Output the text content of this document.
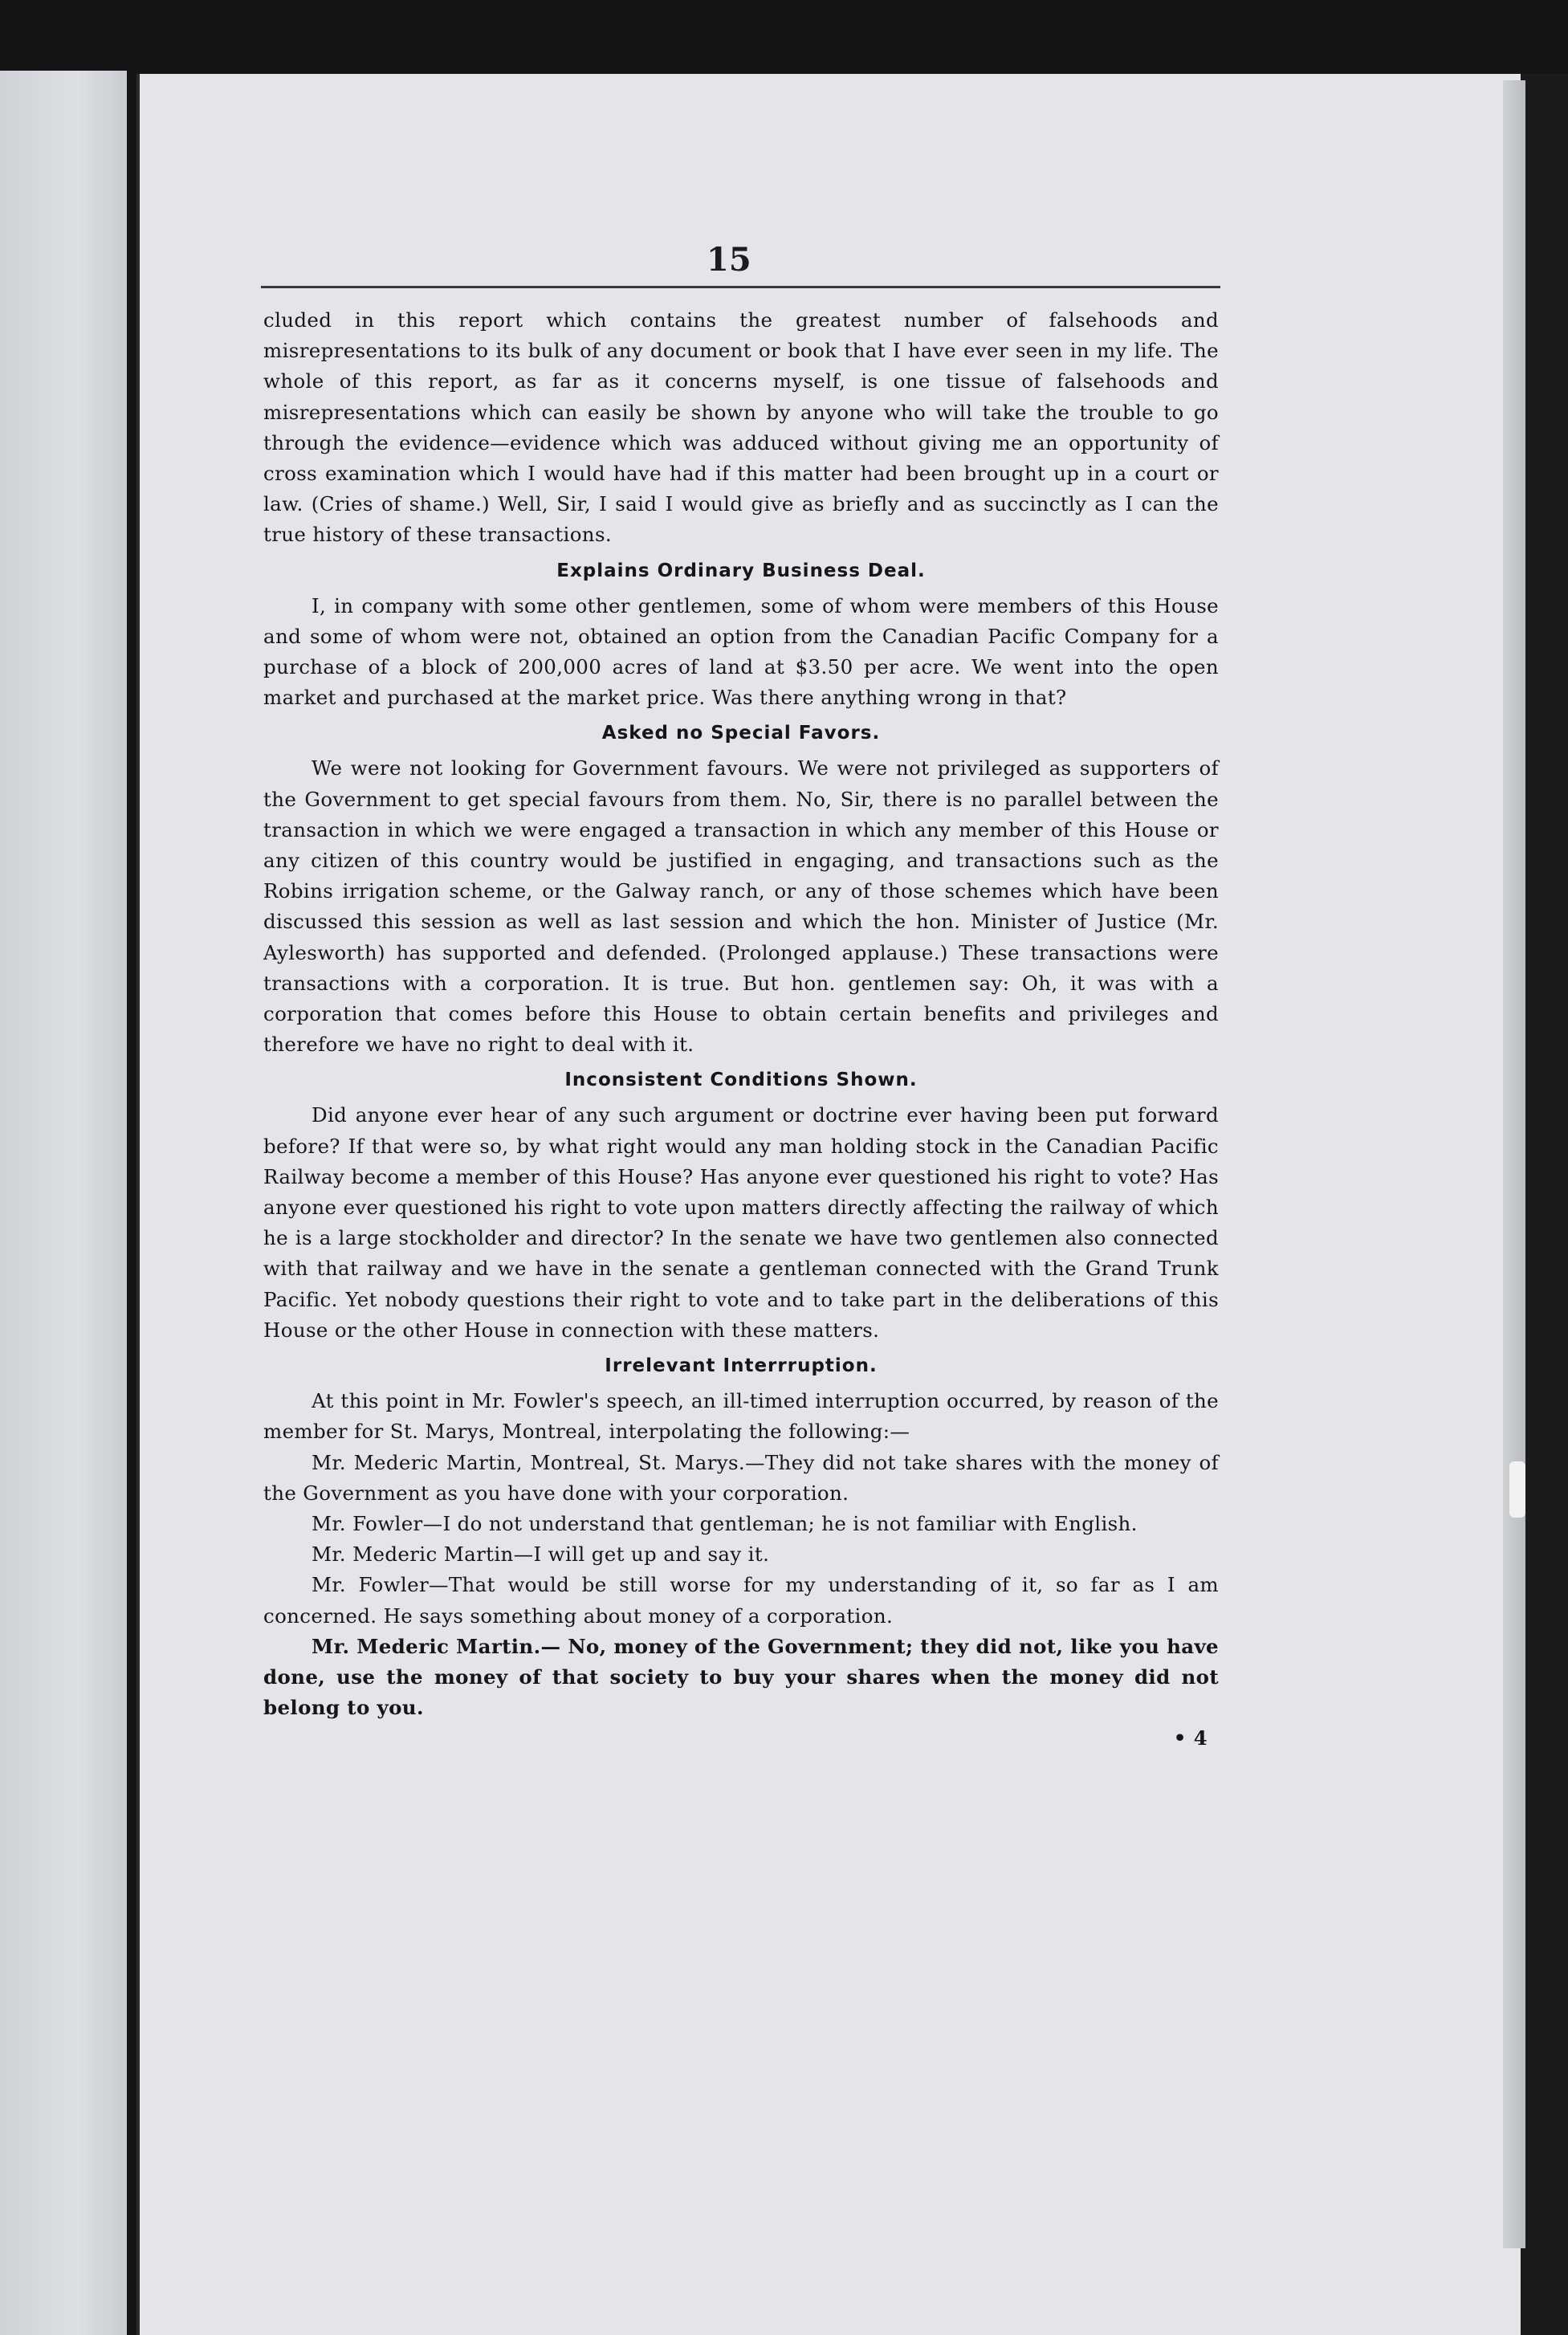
15

cluded in this report which contains the greatest number of falsehoods and misrepresentations to its bulk of any document or book that I have ever seen in my life. The whole of this report, as far as it concerns myself, is one tissue of falsehoods and misrepresentations which can easily be shown by anyone who will take the trouble to go through the evidence—evidence which was adduced without giving me an opportunity of cross examination which I would have had if this matter had been brought up in a court or law. (Cries of shame.) Well, Sir, I said I would give as briefly and as succinctly as I can the true history of these transactions.

Explains Ordinary Business Deal.

I, in company with some other gentlemen, some of whom were members of this House and some of whom were not, obtained an option from the Canadian Pacific Company for a purchase of a block of 200,000 acres of land at $3.50 per acre. We went into the open market and purchased at the market price. Was there anything wrong in that?

Asked no Special Favors.

We were not looking for Government favours. We were not privileged as supporters of the Government to get special favours from them. No, Sir, there is no parallel between the transaction in which we were engaged a transaction in which any member of this House or any citizen of this country would be justified in engaging, and transactions such as the Robins irrigation scheme, or the Galway ranch, or any of those schemes which have been discussed this session as well as last session and which the hon. Minister of Justice (Mr. Aylesworth) has supported and defended. (Prolonged applause.) These transactions were transactions with a corporation. It is true. But hon. gentlemen say: Oh, it was with a corporation that comes before this House to obtain certain benefits and privileges and therefore we have no right to deal with it.

Inconsistent Conditions Shown.

Did anyone ever hear of any such argument or doctrine ever having been put forward before? If that were so, by what right would any man holding stock in the Canadian Pacific Railway become a member of this House? Has anyone ever questioned his right to vote? Has anyone ever questioned his right to vote upon matters directly affecting the railway of which he is a large stockholder and director? In the senate we have two gentlemen also connected with that railway and we have in the senate a gentleman connected with the Grand Trunk Pacific. Yet nobody questions their right to vote and to take part in the deliberations of this House or the other House in connection with these matters.

Irrelevant Interrruption.

At this point in Mr. Fowler's speech, an ill-timed interruption occurred, by reason of the member for St. Marys, Montreal, interpolating the following:—

Mr. Mederic Martin, Montreal, St. Marys.—They did not take shares with the money of the Government as you have done with your corporation.

Mr. Fowler—I do not understand that gentleman; he is not familiar with English.

Mr. Mederic Martin—I will get up and say it.

Mr. Fowler—That would be still worse for my understanding of it, so far as I am concerned. He says something about money of a corporation.

Mr. Mederic Martin.— No, money of the Government; they did not, like you have done, use the money of that society to buy your shares when the money did not belong to you.

• 4
